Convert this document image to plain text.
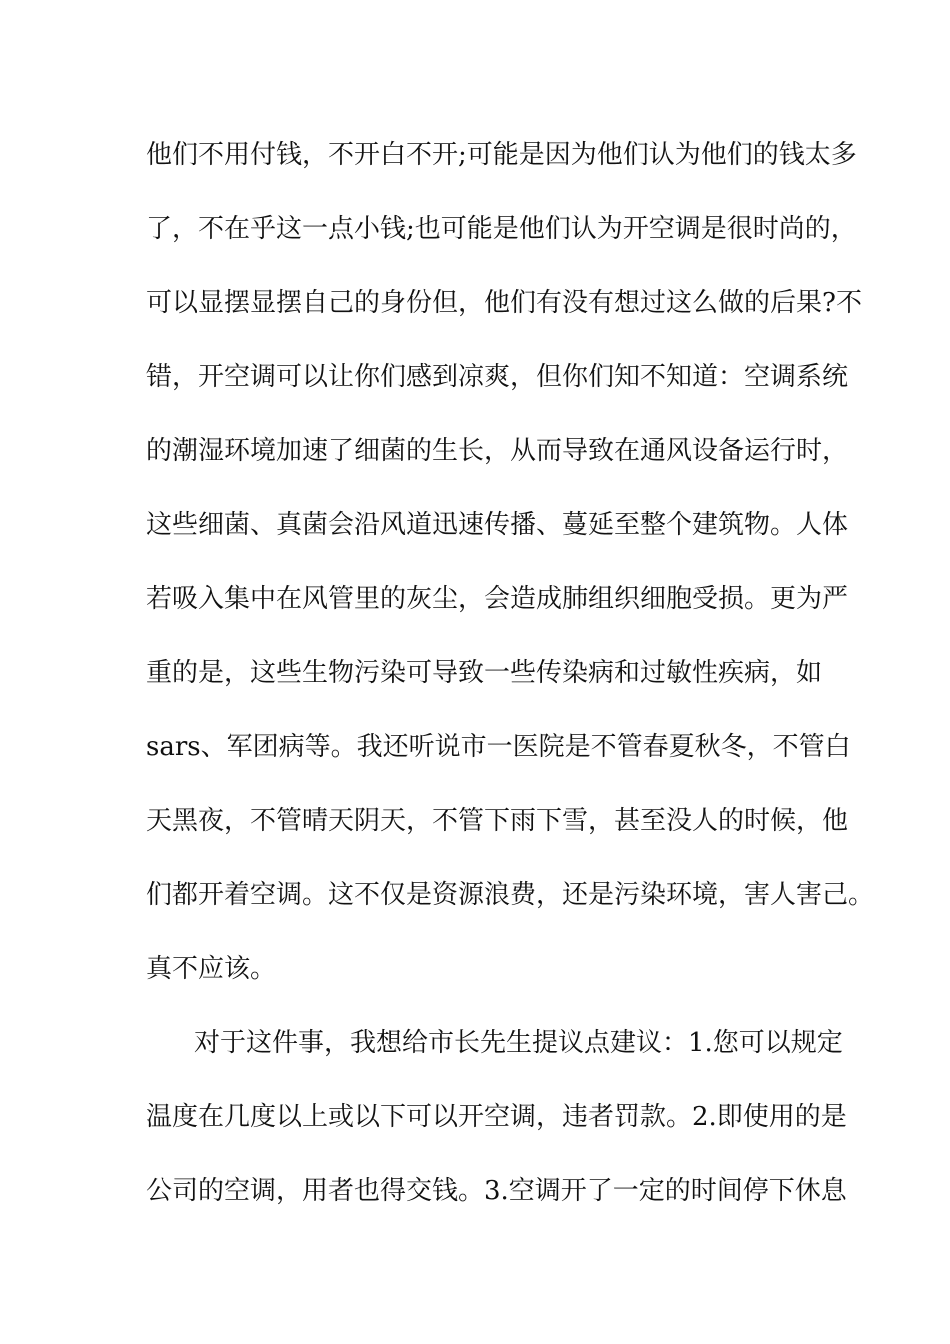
他们不用付钱，不开白不开;可能是因为他们认为他们的钱太多
了，不在乎这一点小钱;也可能是他们认为开空调是很时尚的，
可以显摆显摆自己的身份但，他们有没有想过这么做的后果?不
错，开空调可以让你们感到凉爽，但你们知不知道：空调系统
的潮湿环境加速了细菌的生长，从而导致在通风设备运行时，
这些细菌、真菌会沿风道迅速传播、蔓延至整个建筑物。人体
若吸入集中在风管里的灰尘，会造成肺组织细胞受损。更为严
重的是，这些生物污染可导致一些传染病和过敏性疾病，如
sars、军团病等。我还听说市一医院是不管春夏秋冬，不管白
天黑夜，不管晴天阴天，不管下雨下雪，甚至没人的时候，他
们都开着空调。这不仅是资源浪费，还是污染环境，害人害己。
真不应该。
对于这件事，我想给市长先生提议点建议：1.您可以规定
温度在几度以上或以下可以开空调，违者罚款。2.即使用的是
公司的空调，用者也得交钱。3.空调开了一定的时间停下休息
